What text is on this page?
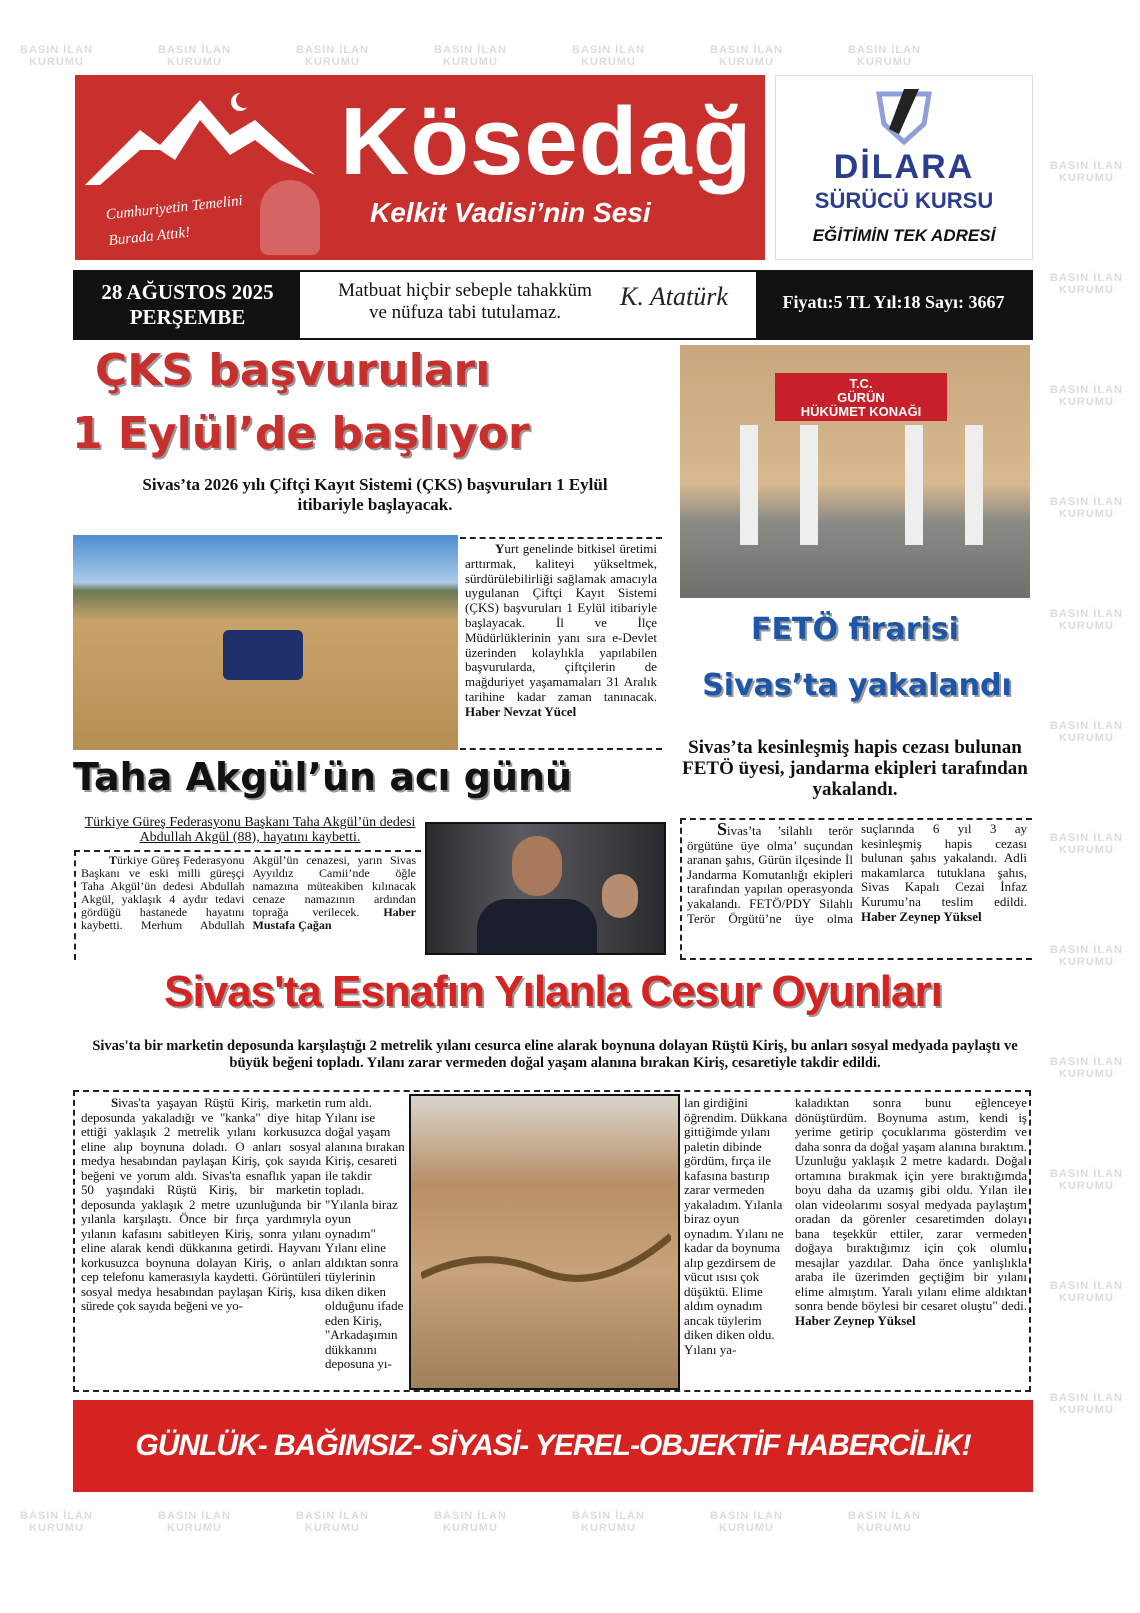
BASIN İLAN
KURUMU
BASIN İLAN
KURUMU
BASIN İLAN
KURUMU
BASIN İLAN
KURUMU
BASIN İLAN
KURUMU
BASIN İLAN
KURUMU
BASIN İLAN
KURUMU
BASIN İLAN
KURUMU
BASIN İLAN
KURUMU
BASIN İLAN
KURUMU
BASIN İLAN
KURUMU
BASIN İLAN
KURUMU
BASIN İLAN
KURUMU
BASIN İLAN
KURUMU
BASIN İLAN
KURUMU
BASIN İLAN
KURUMU
BASIN İLAN
KURUMU
BASIN İLAN
KURUMU
BASIN İLAN
KURUMU
BASIN İLAN
KURUMU
BASIN İLAN
KURUMU
BASIN İLAN
KURUMU
BASIN İLAN
KURUMU
BASIN İLAN
KURUMU
BASIN İLAN
KURUMU
BASIN İLAN
KURUMU
Cumhuriyetin Temelini
Burada Attık!
Kösedağ
Kelkit Vadisi’nin Sesi
DİLARA
SÜRÜCÜ KURSU
EĞİTİMİN TEK ADRESİ
28 AĞUSTOS 2025
PERŞEMBE
Matbuat hiçbir sebeple tahakküm
ve nüfuza tabi tutulamaz.
K. Atatürk	Fiyatı:5 TL Yıl:18 Sayı: 3667
ÇKS başvuruları
1 Eylül’de başlıyor
Sivas’ta 2026 yılı Çiftçi Kayıt Sistemi (ÇKS) başvuruları 1 Eylül itibariyle başlayacak.
Yurt genelinde bitkisel üretimi arttırmak, kaliteyi yükseltmek, sürdürülebilirliği sağlamak amacıyla uygulanan Çiftçi Kayıt Sistemi (ÇKS) başvuruları 1 Eylül itibariyle başlayacak. İl ve İlçe Müdürlüklerinin yanı sıra e-Devlet üzerinden kolaylıkla yapılabilen başvurularda, çiftçilerin de mağduriyet yaşamamaları 31 Aralık tarihine kadar zaman tanınacak. Haber Nevzat Yücel
T.C.
GÜRÜN
HÜKÜMET KONAĞI
FETÖ firarisi
Sivas’ta yakalandı
Sivas’ta kesinleşmiş hapis cezası bulunan FETÖ üyesi, jandarma ekipleri tarafından yakalandı.
Sivas’ta ’silahlı terör örgütüne üye olma’ suçundan aranan şahıs, Gürün ilçesinde İl Jandarma Komutanlığı ekipleri tarafından yapılan operasyonda yakalandı. FETÖ/PDY Silahlı Terör Örgütü’ne üye olma suçlarında 6 yıl 3 ay kesinleşmiş hapis cezası bulunan şahıs yakalandı. Adli makamlarca tutuklana şahıs, Sivas Kapalı Cezai İnfaz Kurumu’na teslim edildi. Haber Zeynep Yüksel
Taha Akgül’ün acı günü
Türkiye Güreş Federasyonu Başkanı Taha Akgül’ün dedesi Abdullah Akgül (88), hayatını kaybetti.
Türkiye Güreş Federasyonu Başkanı ve eski milli güreşçi Taha Akgül’ün dedesi Abdullah Akgül, yaklaşık 4 aydır tedavi gördüğü hastanede hayatını kaybetti. Merhum Abdullah Akgül’ün cenazesi, yarın Sivas Ayyıldız Camii’nde öğle namazına müteakiben kılınacak cenaze namazının ardından toprağa verilecek. Haber Mustafa Çağan
Sivas'ta Esnafın Yılanla Cesur Oyunları
Sivas'ta bir marketin deposunda karşılaştığı 2 metrelik yılanı cesurca eline alarak boynuna dolayan Rüştü Kiriş, bu anları sosyal medyada paylaştı ve büyük beğeni topladı. Yılanı zarar vermeden doğal yaşam alanına bırakan Kiriş, cesaretiyle takdir edildi.
Sivas'ta yaşayan Rüştü Kiriş, marketin deposunda yakaladığı ve "kanka" diye hitap ettiği yaklaşık 2 metrelik yılanı korkusuzca eline alıp boynuna doladı. O anları sosyal medya hesabından paylaşan Kiriş, çok sayıda beğeni ve yorum aldı. Sivas'ta esnaflık yapan 50 yaşındaki Rüştü Kiriş, bir marketin deposunda yaklaşık 2 metre uzunluğunda bir yılanla karşılaştı. Önce bir fırça yardımıyla yılanın kafasını sabitleyen Kiriş, sonra yılanı eline alarak kendi dükkanına getirdi. Hayvanı korkusuzca boynuna dolayan Kiriş, o anları cep telefonu kamerasıyla kaydetti. Görüntüleri sosyal medya hesabından paylaşan Kiriş, kısa sürede çok sayıda beğeni ve yo-
rum aldı. Yılanı ise doğal yaşam alanına bırakan Kiriş, cesareti ile takdir topladı. "Yılanla biraz oyun oynadım" Yılanı eline aldıktan sonra tüylerinin diken diken olduğunu ifade eden Kiriş, "Arkadaşımın dükkanını deposuna yı-
lan girdiğini öğrendim. Dükkana gittiğimde yılanı paletin dibinde gördüm, fırça ile kafasına bastırıp zarar vermeden yakaladım. Yılanla biraz oyun oynadım. Yılanı ne kadar da boynuma alıp gezdirsem de vücut ısısı çok düşüktü. Elime aldım oynadım ancak tüylerim diken diken oldu. Yılanı ya-
kaladıktan sonra bunu eğlenceye dönüştürdüm. Boynuma astım, kendi iş yerime getirip çocuklarıma gösterdim ve daha sonra da doğal yaşam alanına bıraktım. Uzunluğu yaklaşık 2 metre kadardı. Doğal ortamına bırakmak için yere bıraktığımda boyu daha da uzamış gibi oldu. Yılan ile olan videolarımı sosyal medyada paylaştım oradan da görenler cesaretimden dolayı bana teşekkür ettiler, zarar vermeden doğaya bıraktığımız için çok olumlu mesajlar yazdılar. Daha önce yanlışlıkla araba ile üzerimden geçtiğim bir yılanı elime almıştım. Yaralı yılanı elime aldıktan sonra bende böylesi bir cesaret oluştu" dedi. Haber Zeynep Yüksel
GÜNLÜK- BAĞIMSIZ- SİYASİ- YEREL-OBJEKTİF HABERCİLİK!
